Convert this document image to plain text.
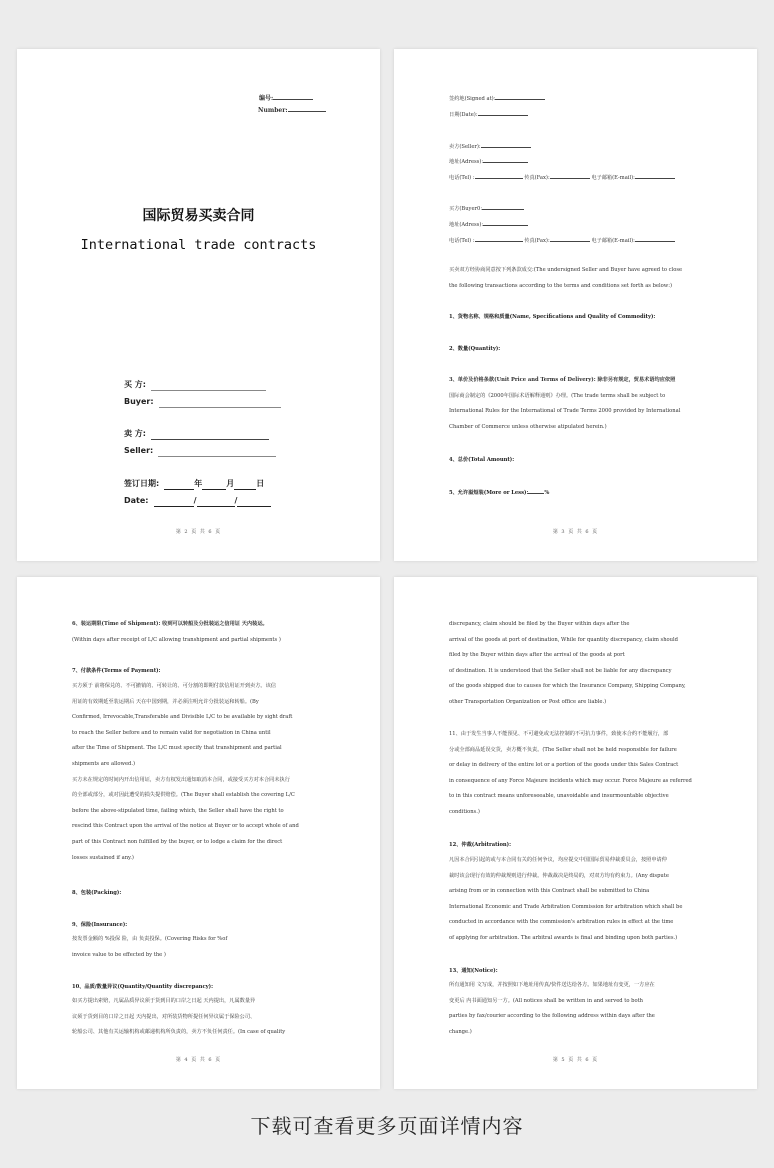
编号:
Number:
国际贸易买卖合同
International trade contracts
买 方:
Buyer:
卖 方:
Seller:
签订日期:	年	月	日
Date:	/	/
第 2 页 共 6 页
签约地(Signed at):
日期(Date):
卖方(Seller):
地址(Adress):
电话(Tel) :	传真(Fax):	电子邮箱(E-mail):
买方(Buyer0:
地址(Adress):
电话(Tel) :	传真(Fax):	电子邮箱(E-mail):
买卖双方经协商同意按下列条款成交:(The undersigned Seller and Buyer have agreed to close
the following transactions according to the terms and conditions set forth as below:)
1、货物名称、规格和质量(Name, Specifications and Quality of Commodity):
2、数量(Quantity):
3、单价及价格条款(Unit Price and Terms of Delivery): 除非另有规定，贸易术语均应依照
国际商会制定的《2000年国际术语解释通则》办理。(The trade terms shall be subject to
International Rules for the International of Trade Terms 2000 provided by International
Chamber of Commerce unless otherwise atipulated herein.)
4、总价(Total Amount):
5、允许溢短装(More or Less):	%
第 3 页 共 6 页
6、装运期限(Time of Shipment): 收到可以转船及分批装运之信用证 天内装运。
(Within days after receipt of L/C allowing transhipment and partial shipments )
7、付款条件(Terms of Payment):
买方须于 前将保兑的、不可撤销的、可转让的、可分割的即期付款信用证开到卖方。该信
用证的有效期延至装运期后 天在中国到期，并必须注明允许分批装运和转船。(By
Confirmed, Irrevocable,Transferable and Divisible L/C to be available by sight draft
to reach the Seller before and to remain valid for negotiation in China until
after the Time of Shipment. The L/C must specify that transhipment and partial
shipments are allowed.)
买方未在规定的时间内开出信用证，卖方有权发出通知取消本合同，或接受买方对本合同未执行
的全部或部分，或对因此遭受的损失提供赔偿。(The Buyer shall establish the covering L/C
before the above-stipulated time, failing which, the Seller shall have the right to
rescind this Contract upon the arrival of the notice at Buyer or to accept whole of and
part of this Contract non fulfilled by the buyer, or to lodge a claim for the direct
losses sustained if any.)
8、包装(Packing):
9、保险(Insurance):
按发票金额的 %投保 险，由 负责投保。(Covering Risks for %of
invoice value to be effected by the )
10、品质/数量异议(Quantity/Quantity discrepancy):
如买方提出索赔，凡属品质异议须于货到目的口岸之日起 天内提出，凡属数量异
议须于货到目的口岸之日起 天内提出，对所装货物所提任何异议属于保险公司、
轮船公司、其他有关运输机构或邮递机构所负责的，卖方不负任何责任。(In case of quality
第 4 页 共 6 页
discrepancy, claim should be filed by the Buyer within days after the
arrival of the goods at port of destination, While for quantity discrepancy, claim should
filed by the Buyer within days after the arrival of the goods at port
of destination. It is understood that the Seller shall not be liable for any discrepancy
of the goods shipped due to causes for which the Insurance Company, Shipping Company,
other Transportation Organization or Post office are liable.)
11、由于发生当事人不能预见、不可避免或无法控制的不可抗力事件，致使本合约不能履行，部
分或全部商品延误交货，卖方概不负责。(The Seller shall not be held responsible for failure
or delay in delivery of the entire lot or a portion of the goods under this Sales Contract
in consequence of any Force Majeure incidents which may occur. Force Majeure as referred
to in this contract means unforeseeable, unavoidable and insurmountable objective
conditions.)
12、仲裁(Arbitration):
凡因本合同引起的或与本合同有关的任何争议，均应提交中国国际贸易仲裁委员会，按照申请仲
裁时该会现行有效的仲裁规则进行仲裁。仲裁裁决是终局的，对双方均有约束力。(Any dispute
arising from or in connection with this Contract shall be submitted to China
International Economic and Trade Arbitration Commission for arbitration which shall be
conducted in accordance with the commission's arbitration rules in effect at the time
of applying for arbitration. The arbitral awards is final and binding upon both parties.)
13、通知(Notice):
所有通知用 文写成，并按照如下地址用传真/快件送达给各方。如果地址有变更，一方应在
变更后 内书面通知另一方。(All notices shall be written in and served to both
parties by fax/courier according to the following address within days after the
change.)
第 5 页 共 6 页
下载可查看更多页面详情内容
